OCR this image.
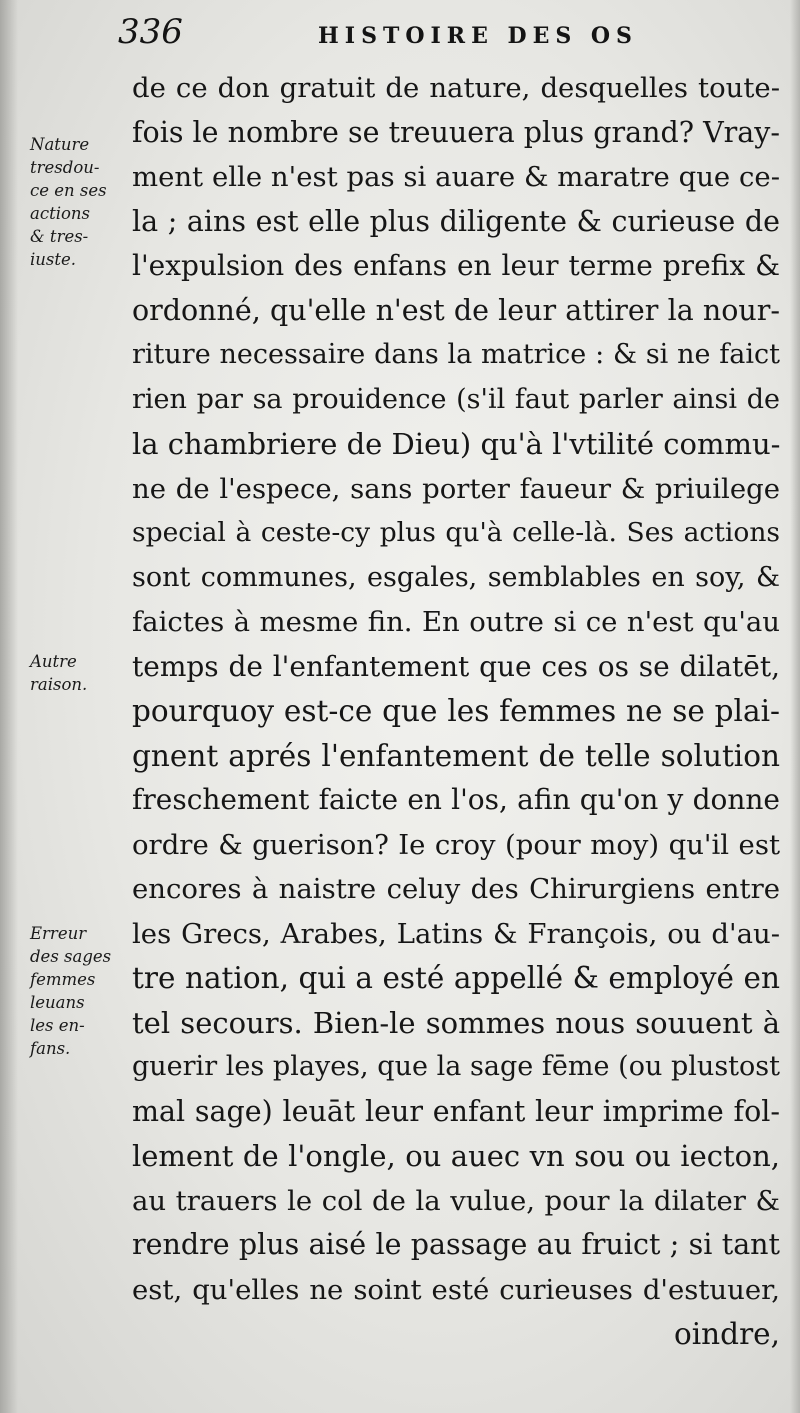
336	HISTOIRE DES OS
Nature
tresdou-
ce en ses
actions
& tres-
iuste.
Autre
raison.
Erreur
des sages
femmes
leuans
les en-
fans.
de ce don gratuit de nature, desquelles toute-
fois le nombre se treuuera plus grand? Vray-
ment elle n'est pas si auare & maratre que ce-
la ; ains est elle plus diligente & curieuse de
l'expulsion des enfans en leur terme prefix &
ordonné, qu'elle n'est de leur attirer la nour-
riture necessaire dans la matrice : & si ne faict
rien par sa prouidence (s'il faut parler ainsi de
la chambriere de Dieu) qu'à l'vtilité commu-
ne de l'espece, sans porter faueur & priuilege
special à ceste-cy plus qu'à celle-là. Ses actions
sont communes, esgales, semblables en soy, &
faictes à mesme fin. En outre si ce n'est qu'au
temps de l'enfantement que ces os se dilatēt,
pourquoy est-ce que les femmes ne se plai-
gnent aprés l'enfantement de telle solution
freschement faicte en l'os, afin qu'on y donne
ordre & guerison? Ie croy (pour moy) qu'il est
encores à naistre celuy des Chirurgiens entre
les Grecs, Arabes, Latins & François, ou d'au-
tre nation, qui a esté appellé & employé en
tel secours. Bien-le sommes nous souuent à
guerir les playes, que la sage fēme (ou plustost
mal sage) leuāt leur enfant leur imprime fol-
lement de l'ongle, ou auec vn sou ou iecton,
au trauers le col de la vulue, pour la dilater &
rendre plus aisé le passage au fruict ; si tant
est, qu'elles ne soint esté curieuses d'estuuer,
oindre,
